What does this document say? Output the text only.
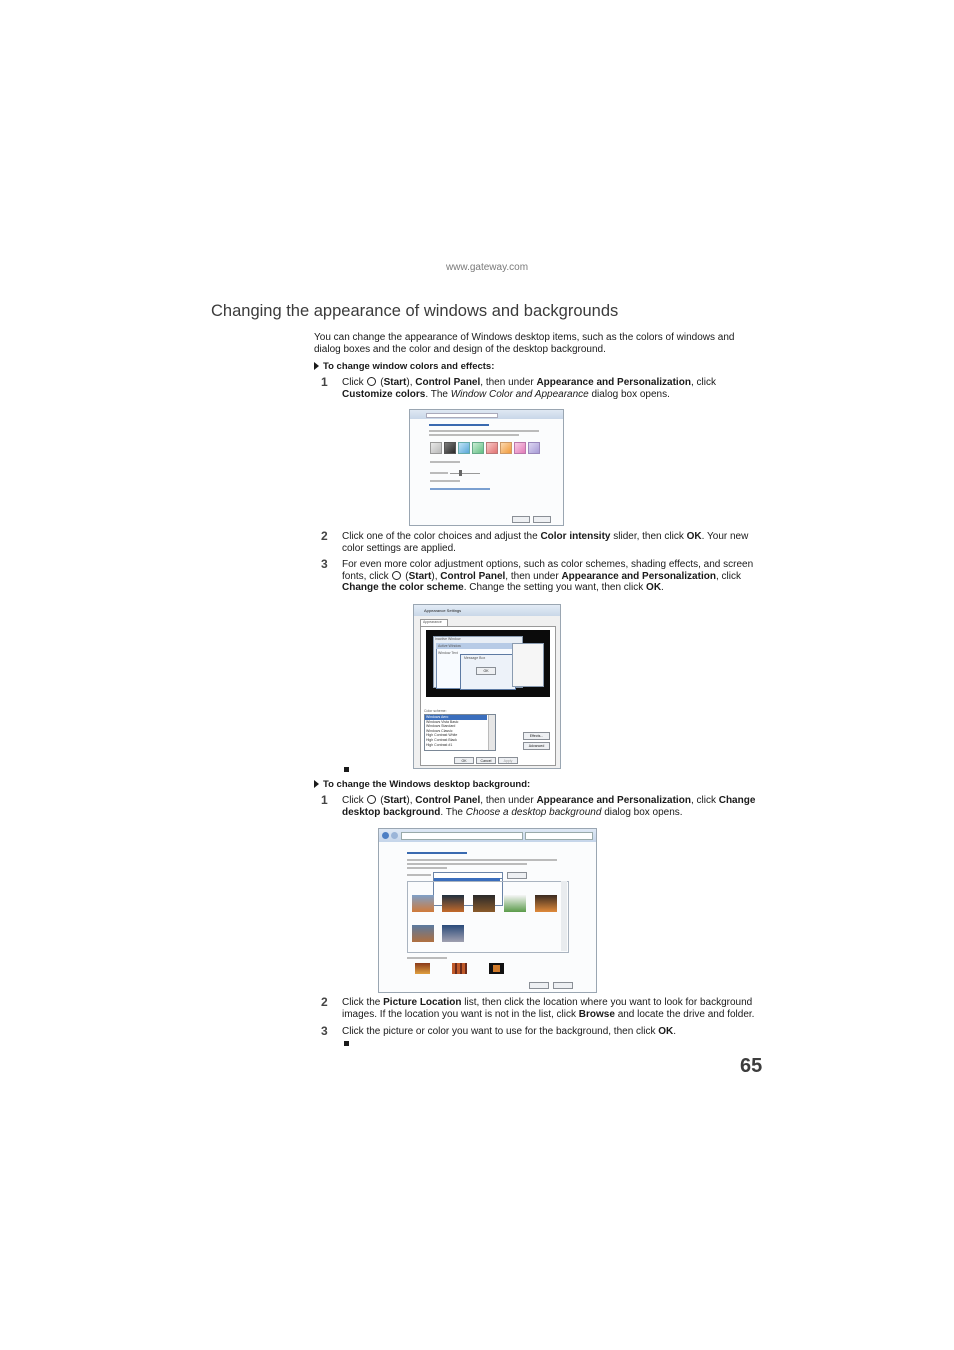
www.gateway.com
Changing the appearance of windows and backgrounds
You can change the appearance of Windows desktop items, such as the colors of windows and dialog boxes and the color and design of the desktop background.
To change window colors and effects:
1 Click (Start), Control Panel, then under Appearance and Personalization, click Customize colors. The Window Color and Appearance dialog box opens.
2 Click one of the color choices and adjust the Color intensity slider, then click OK. Your new color settings are applied.
3 For even more color adjustment options, such as color schemes, shading effects, and screen fonts, click (Start), Control Panel, then under Appearance and Personalization, click Change the color scheme. Change the setting you want, then click OK.
Appearance Settings
Appearance
Inactive Window
Active Window
Window Text
Message Box
OK
Color scheme:
Windows Aero
Windows Vista Basic
Windows Standard
Windows Classic
High Contrast White
High Contrast Black
High Contrast #1
Effects...
Advanced
OK	Cancel	Apply
To change the Windows desktop background:
1 Click (Start), Control Panel, then under Appearance and Personalization, click Change desktop background. The Choose a desktop background dialog box opens.
2 Click the Picture Location list, then click the location where you want to look for background images. If the location you want is not in the list, click Browse and locate the drive and folder.
3 Click the picture or color you want to use for the background, then click OK.
65
